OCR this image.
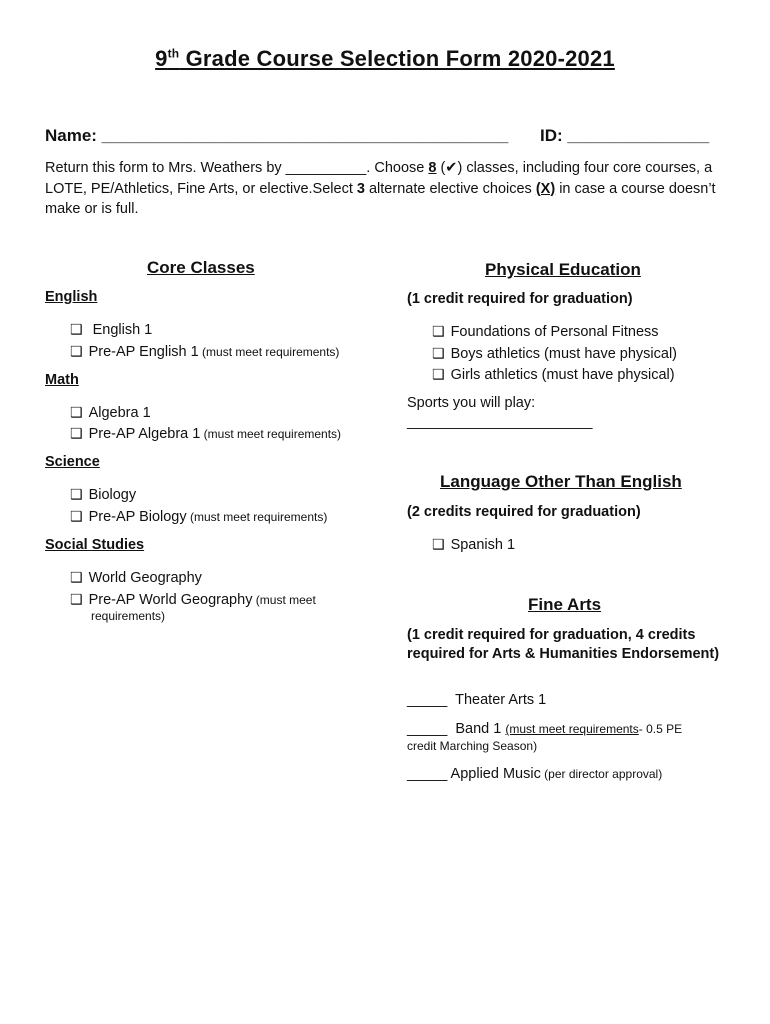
9th Grade Course Selection Form 2020-2021
Name: ___________________________________________ ID: _______________
Return this form to Mrs. Weathers by __________. Choose 8 (✔) classes, including four core courses, a LOTE, PE/Athletics, Fine Arts, or elective.Select 3 alternate elective choices (X) in case a course doesn’t make or is full.
Core Classes
English
❑ English 1
❑ Pre-AP English 1 (must meet requirements)
Math
❑ Algebra 1
❑ Pre-AP Algebra 1 (must meet requirements)
Science
❑ Biology
❑ Pre-AP Biology (must meet requirements)
Social Studies
❑ World Geography
❑ Pre-AP World Geography (must meet
requirements)
Physical Education
(1 credit required for graduation)
❑ Foundations of Personal Fitness
❑ Boys athletics (must have physical)
❑ Girls athletics (must have physical)
Sports you will play:
_______________________
Language Other Than English
(2 credits required for graduation)
❑ Spanish 1
Fine Arts
(1 credit required for graduation, 4 credits required for Arts & Humanities Endorsement)
_____  Theater Arts 1
_____  Band 1 (must meet requirements- 0.5 PE
credit Marching Season)
_____ Applied Music (per director approval)
